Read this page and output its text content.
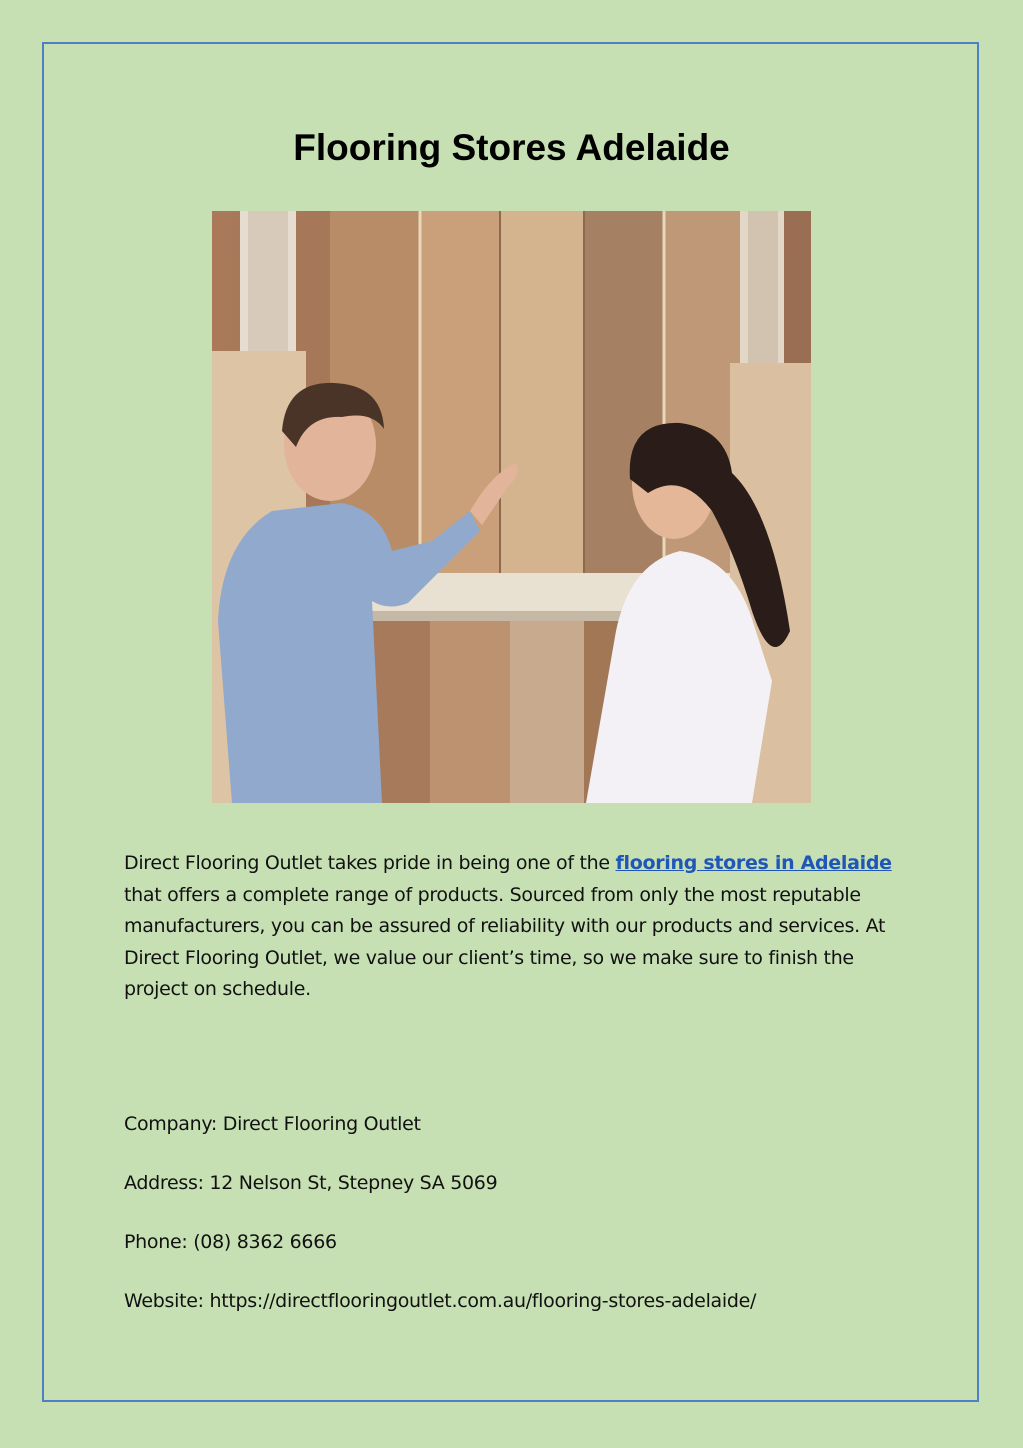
Flooring Stores Adelaide

Direct Flooring Outlet takes pride in being one of the flooring stores in Adelaide that offers a complete range of products. Sourced from only the most reputable manufacturers, you can be assured of reliability with our products and services. At Direct Flooring Outlet, we value our client’s time, so we make sure to finish the project on schedule.

Company: Direct Flooring Outlet

Address: 12 Nelson St, Stepney SA 5069

Phone: (08) 8362 6666

Website: https://directflooringoutlet.com.au/flooring-stores-adelaide/
